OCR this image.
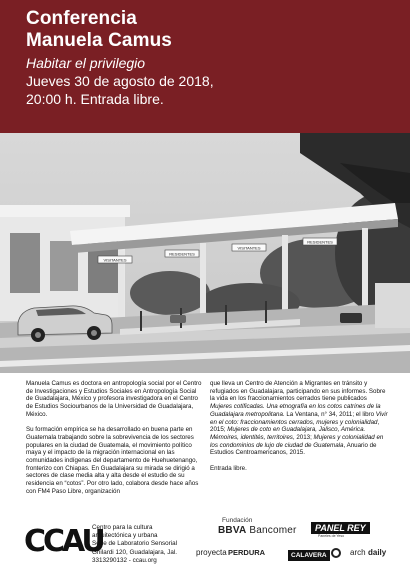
Conferencia
Manuela Camus
Habitar el privilegio
Jueves 30 de agosto de 2018,
20:00 h. Entrada libre.
VISITANTES
RESIDENTES
VISITANTES
RESIDENTES

Manuela Camus es doctora en antropología social por el Centro de Investigaciones y Estudios Sociales en Antropología Social de Guadalajara, México y profesora investigadora en el Centro de Estudios Sociourbanos de la Universidad de Guadalajara, México.

Su formación empírica se ha desarrollado en buena parte en Guatemala trabajando sobre la sobrevivencia de los sectores populares en la ciudad de Guatemala, el movimiento político maya y el impacto de la migración internacional en las comunidades indígenas del departamento de Huehuetenango, fronterizo con Chiapas. En Guadalajara su mirada se dirigió a sectores de clase media alta y alta desde el estudio de su residencia en “cotos”. Por otro lado, colabora desde hace años con FM4 Paso Libre, organización

que lleva un Centro de Atención a Migrantes en tránsito y refugiados en Guadalajara, participando en sus informes. Sobre la vida en los fraccionamientos cerrados tiene publicados Mujeres cotificadas. Una etnografía en los cotos catrines de la Guadalajara metropolitana. La Ventana, n° 34, 2011; el libro Vivir en el coto: fraccionamientos cerrados, mujeres y colonialidad, 2015; Mujeres de coto en Guadalajara, Jalisco, América. Mémoires, identités, territoires, 2013; Mujeres y colonialidad en los condominios de lujo de ciudad de Guatemala, Anuario de Estudios Centroamericanos, 2015.

Entrada libre.

CCAU
Centro para la cultura
arquitectónica y urbana
Sede de Laboratorio Sensorial
Ghilardi 120, Guadalajara, Jal.
3313290132 - ccau.org
Fundación
BBVA Bancomer	PANEL REY
Paneles de Yeso
proyecta PERDURA	CALAVERA	arch daily
